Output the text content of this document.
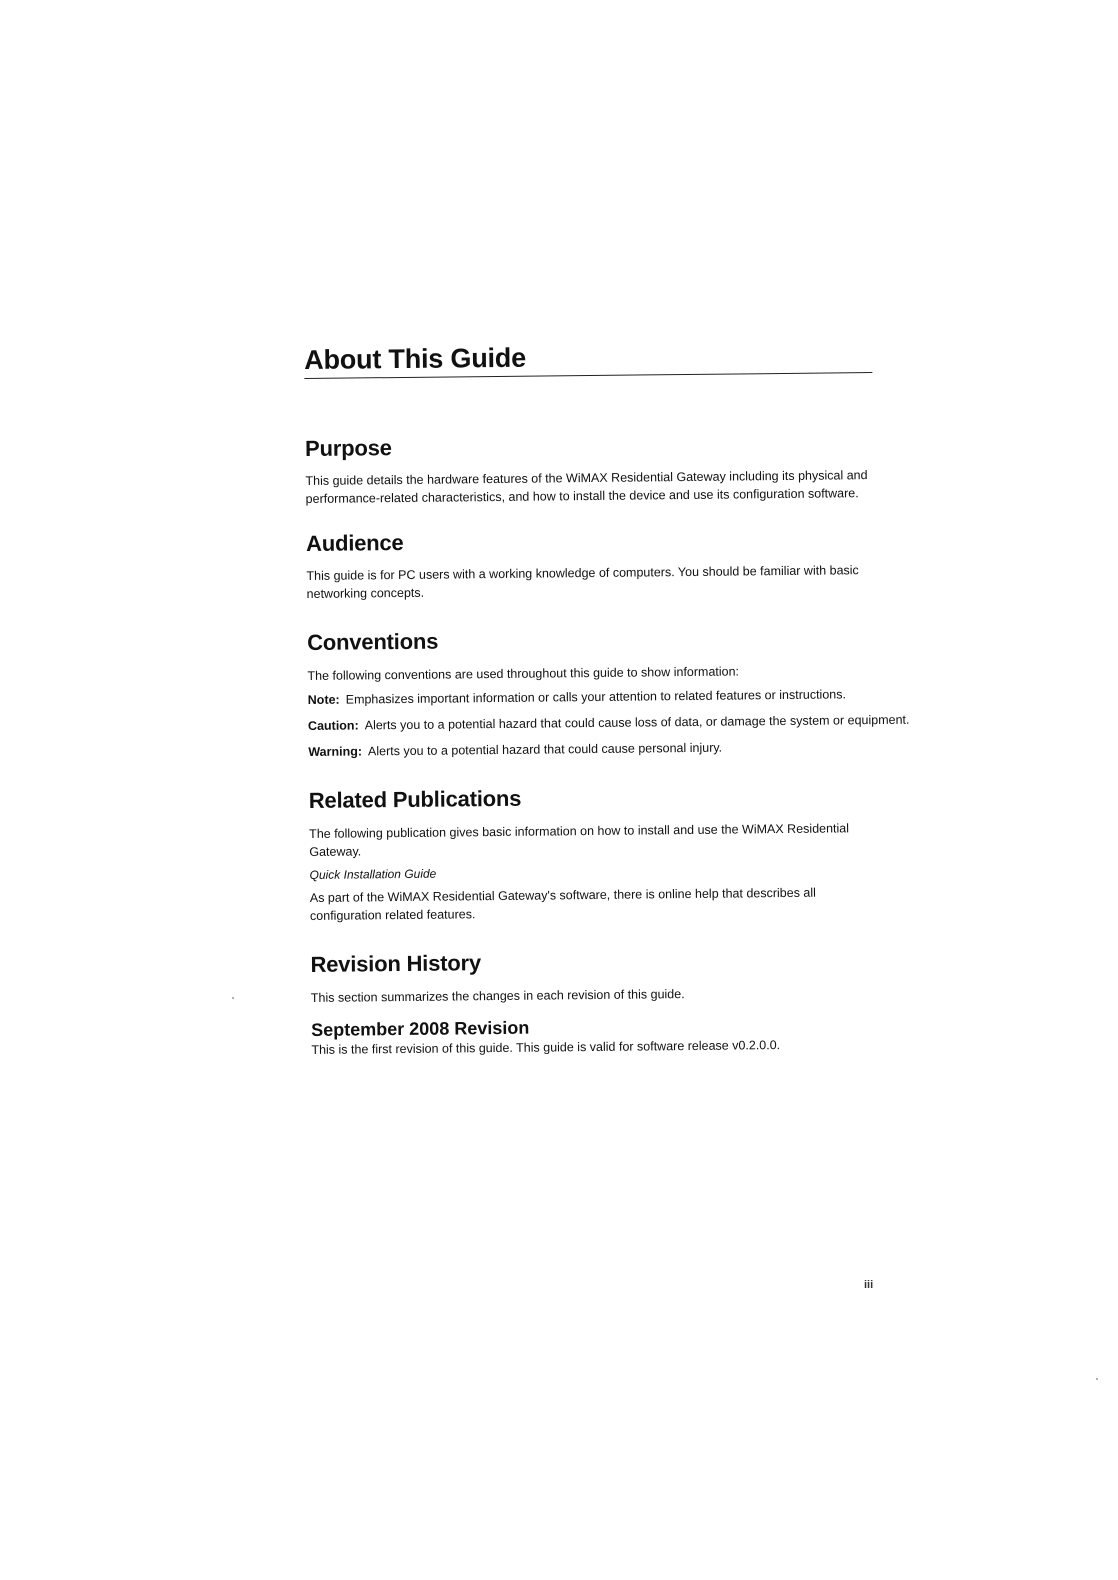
About This Guide
Purpose

This guide details the hardware features of the WiMAX Residential Gateway including its physical and performance-related characteristics, and how to install the device and use its configuration software.

Audience

This guide is for PC users with a working knowledge of computers. You should be familiar with basic networking concepts.

Conventions

The following conventions are used throughout this guide to show information:

Note: Emphasizes important information or calls your attention to related features or instructions.

Caution: Alerts you to a potential hazard that could cause loss of data, or damage the system or equipment.

Warning: Alerts you to a potential hazard that could cause personal injury.

Related Publications

The following publication gives basic information on how to install and use the WiMAX Residential Gateway.

Quick Installation Guide

As part of the WiMAX Residential Gateway's software, there is online help that describes all configuration related features.

Revision History

This section summarizes the changes in each revision of this guide.

September 2008 Revision

This is the first revision of this guide. This guide is valid for software release v0.2.0.0.

iii
